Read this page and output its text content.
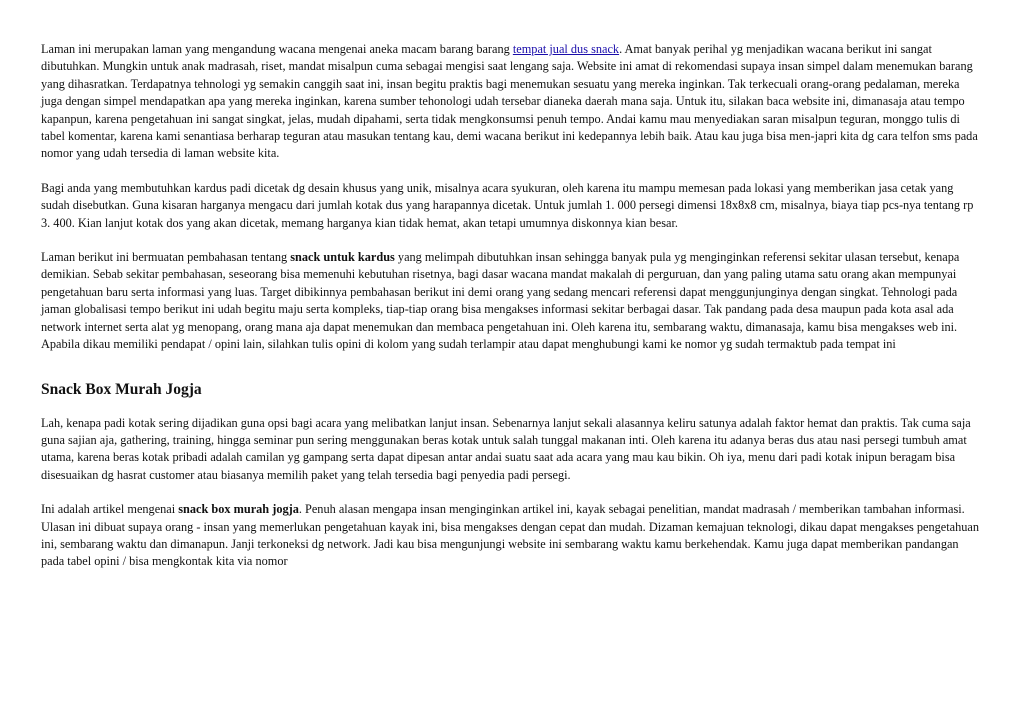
Laman ini merupakan laman yang mengandung wacana mengenai aneka macam barang barang tempat jual dus snack. Amat banyak perihal yg menjadikan wacana berikut ini sangat dibutuhkan. Mungkin untuk anak madrasah, riset, mandat misalpun cuma sebagai mengisi saat lengang saja. Website ini amat di rekomendasi supaya insan simpel dalam menemukan barang yang dihasratkan. Terdapatnya tehnologi yg semakin canggih saat ini, insan begitu praktis bagi menemukan sesuatu yang mereka inginkan. Tak terkecuali orang-orang pedalaman, mereka juga dengan simpel mendapatkan apa yang mereka inginkan, karena sumber tehonologi udah tersebar dianeka daerah mana saja. Untuk itu, silakan baca website ini, dimanasaja atau tempo kapanpun, karena pengetahuan ini sangat singkat, jelas, mudah dipahami, serta tidak mengkonsumsi penuh tempo. Andai kamu mau menyediakan saran misalpun teguran, monggo tulis di tabel komentar, karena kami senantiasa berharap teguran atau masukan tentang kau, demi wacana berikut ini kedepannya lebih baik. Atau kau juga bisa men-japri kita dg cara telfon sms pada nomor yang udah tersedia di laman website kita.

Bagi anda yang membutuhkan kardus padi dicetak dg desain khusus yang unik, misalnya acara syukuran, oleh karena itu mampu memesan pada lokasi yang memberikan jasa cetak yang sudah disebutkan. Guna kisaran harganya mengacu dari jumlah kotak dus yang harapannya dicetak. Untuk jumlah 1. 000 persegi dimensi 18x8x8 cm, misalnya, biaya tiap pcs-nya tentang rp 3. 400. Kian lanjut kotak dos yang akan dicetak, memang harganya kian tidak hemat, akan tetapi umumnya diskonnya kian besar.

Laman berikut ini bermuatan pembahasan tentang snack untuk kardus yang melimpah dibutuhkan insan sehingga banyak pula yg menginginkan referensi sekitar ulasan tersebut, kenapa demikian. Sebab sekitar pembahasan, seseorang bisa memenuhi kebutuhan risetnya, bagi dasar wacana mandat makalah di perguruan, dan yang paling utama satu orang akan mempunyai pengetahuan baru serta informasi yang luas. Target dibikinnya pembahasan berikut ini demi orang yang sedang mencari referensi dapat menggunjunginya dengan singkat. Tehnologi pada jaman globalisasi tempo berikut ini udah begitu maju serta kompleks, tiap-tiap orang bisa mengakses informasi sekitar berbagai dasar. Tak pandang pada desa maupun pada kota asal ada network internet serta alat yg menopang, orang mana aja dapat menemukan dan membaca pengetahuan ini. Oleh karena itu, sembarang waktu, dimanasaja, kamu bisa mengakses web ini. Apabila dikau memiliki pendapat / opini lain, silahkan tulis opini di kolom yang sudah terlampir atau dapat menghubungi kami ke nomor yg sudah termaktub pada tempat ini

Snack Box Murah Jogja

Lah, kenapa padi kotak sering dijadikan guna opsi bagi acara yang melibatkan lanjut insan. Sebenarnya lanjut sekali alasannya keliru satunya adalah faktor hemat dan praktis. Tak cuma saja guna sajian aja, gathering, training, hingga seminar pun sering menggunakan beras kotak untuk salah tunggal makanan inti. Oleh karena itu adanya beras dus atau nasi persegi tumbuh amat utama, karena beras kotak pribadi adalah camilan yg gampang serta dapat dipesan antar andai suatu saat ada acara yang mau kau bikin. Oh iya, menu dari padi kotak inipun beragam bisa disesuaikan dg hasrat customer atau biasanya memilih paket yang telah tersedia bagi penyedia padi persegi.

Ini adalah artikel mengenai snack box murah jogja. Penuh alasan mengapa insan menginginkan artikel ini, kayak sebagai penelitian, mandat madrasah / memberikan tambahan informasi. Ulasan ini dibuat supaya orang - insan yang memerlukan pengetahuan kayak ini, bisa mengakses dengan cepat dan mudah. Dizaman kemajuan teknologi, dikau dapat mengakses pengetahuan ini, sembarang waktu dan dimanapun. Janji terkoneksi dg network. Jadi kau bisa mengunjungi website ini sembarang waktu kamu berkehendak. Kamu juga dapat memberikan pandangan pada tabel opini / bisa mengkontak kita via nomor
